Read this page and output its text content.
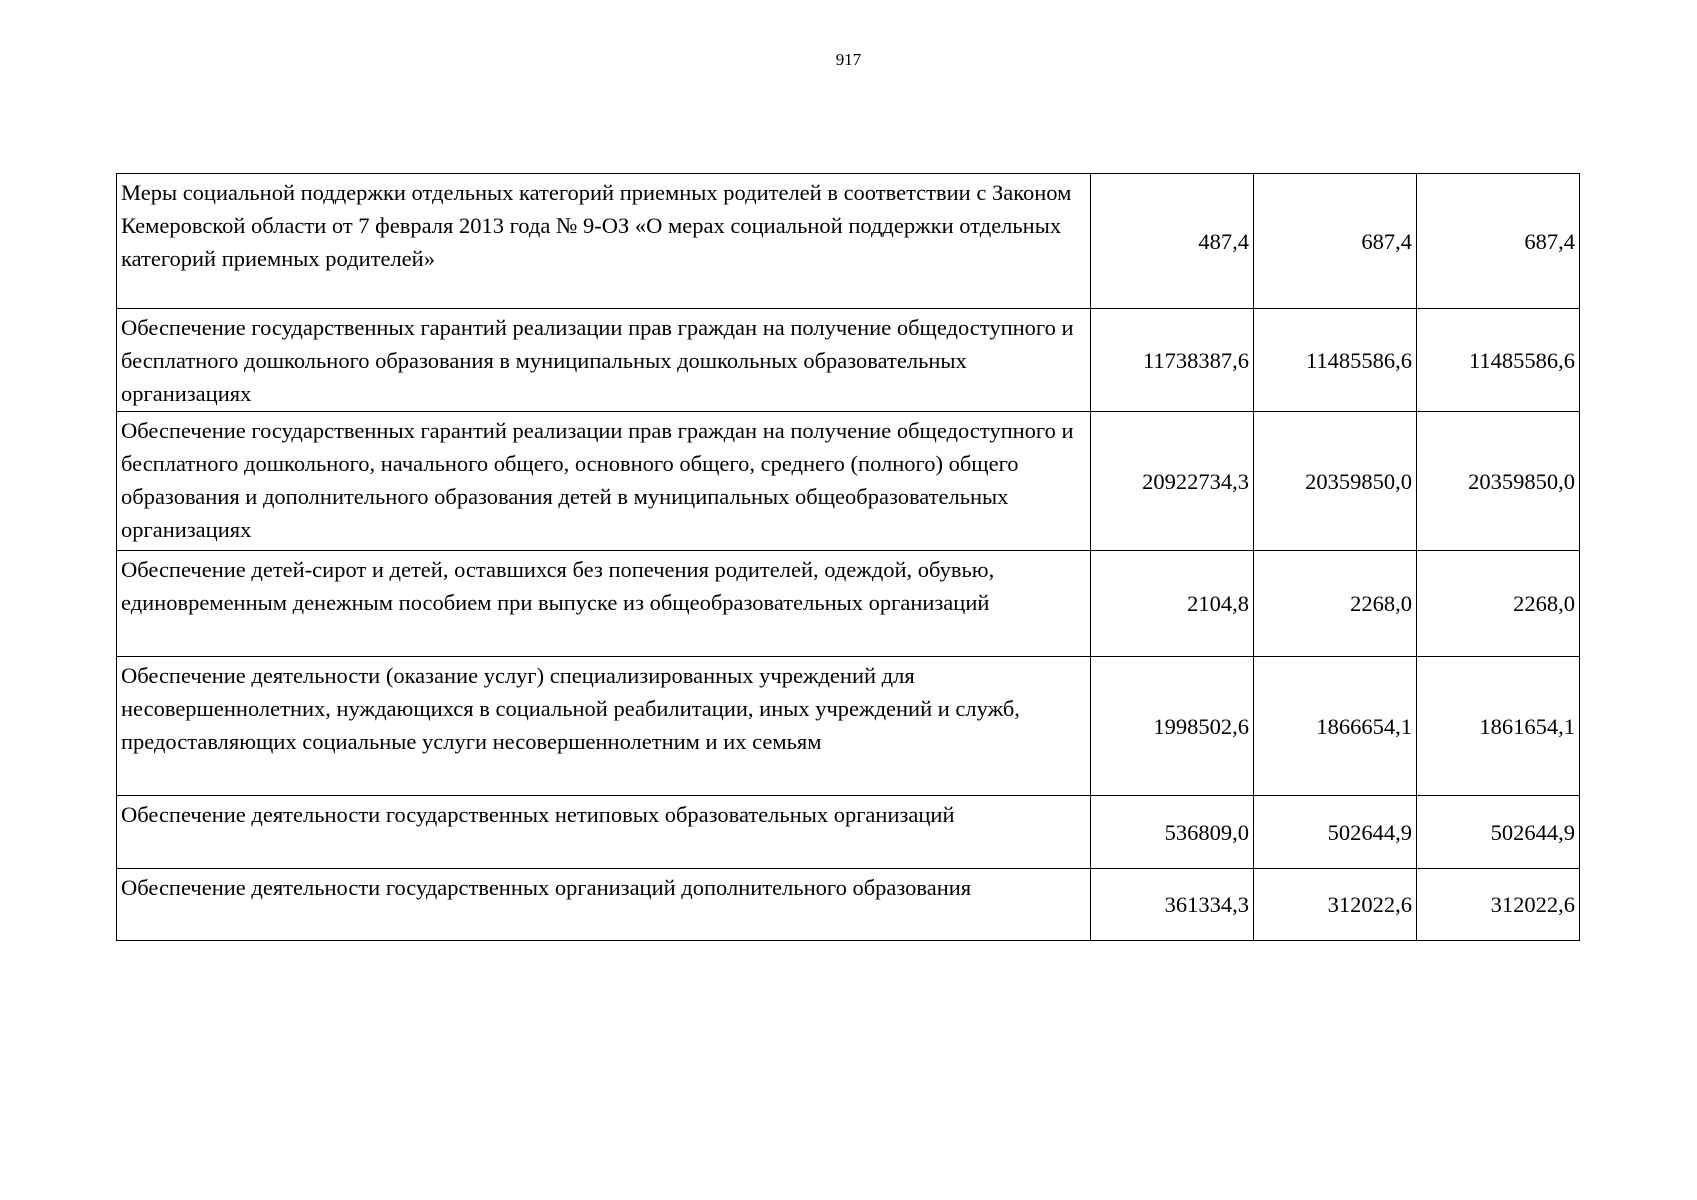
917
Меры социальной поддержки отдельных категорий приемных родителей в соответствии с Законом Кемеровской области от 7 февраля 2013 года № 9-ОЗ «О мерах социальной поддержки отдельных категорий приемных родителей»	487,4	687,4	687,4
Обеспечение государственных гарантий реализации прав граждан на получение общедоступного и бесплатного дошкольного образования в муниципальных дошкольных образовательных организациях	11738387,6	11485586,6	11485586,6
Обеспечение государственных гарантий реализации прав граждан на получение общедоступного и бесплатного дошкольного, начального общего, основного общего, среднего (полного) общего образования и дополнительного образования детей в муниципальных общеобразовательных организациях	20922734,3	20359850,0	20359850,0
Обеспечение детей-сирот и детей, оставшихся без попечения родителей, одеждой, обувью, единовременным денежным пособием при выпуске из общеобразовательных организаций	2104,8	2268,0	2268,0
Обеспечение деятельности (оказание услуг) специализированных учреждений для несовершеннолетних, нуждающихся в социальной реабилитации, иных учреждений и служб, предоставляющих социальные услуги несовершеннолетним и их семьям	1998502,6	1866654,1	1861654,1
Обеспечение деятельности государственных нетиповых образовательных организаций	536809,0	502644,9	502644,9
Обеспечение деятельности государственных организаций дополнительного образования	361334,3	312022,6	312022,6
